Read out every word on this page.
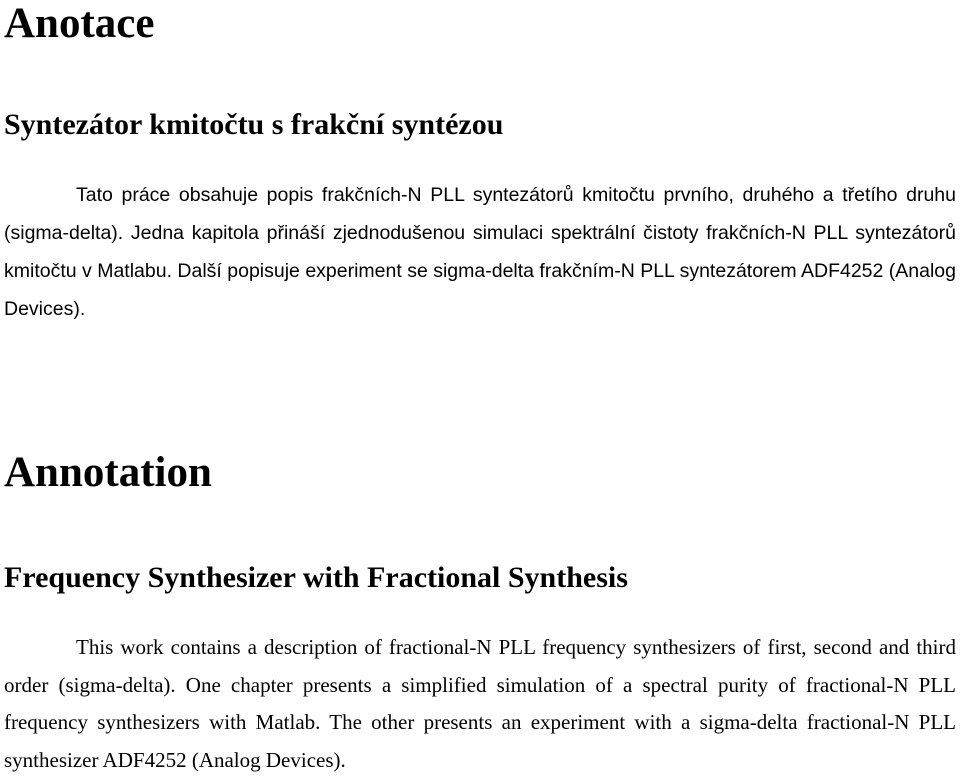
Anotace
Syntezátor kmitočtu s frakční syntézou

Tato práce obsahuje popis frakčních-N PLL syntezátorů kmitočtu prvního, druhého a třetího druhu (sigma-delta). Jedna kapitola přináší zjednodušenou simulaci spektrální čistoty frakčních-N PLL syntezátorů kmitočtu v Matlabu. Další popisuje experiment se sigma-delta frakčním-N PLL syntezátorem ADF4252 (Analog Devices).

Annotation
Frequency Synthesizer with Fractional Synthesis

This work contains a description of fractional-N PLL frequency synthesizers of first, second and third order (sigma-delta). One chapter presents a simplified simulation of a spectral purity of fractional-N PLL frequency synthesizers with Matlab. The other presents an experiment with a sigma-delta fractional-N PLL synthesizer ADF4252 (Analog Devices).
